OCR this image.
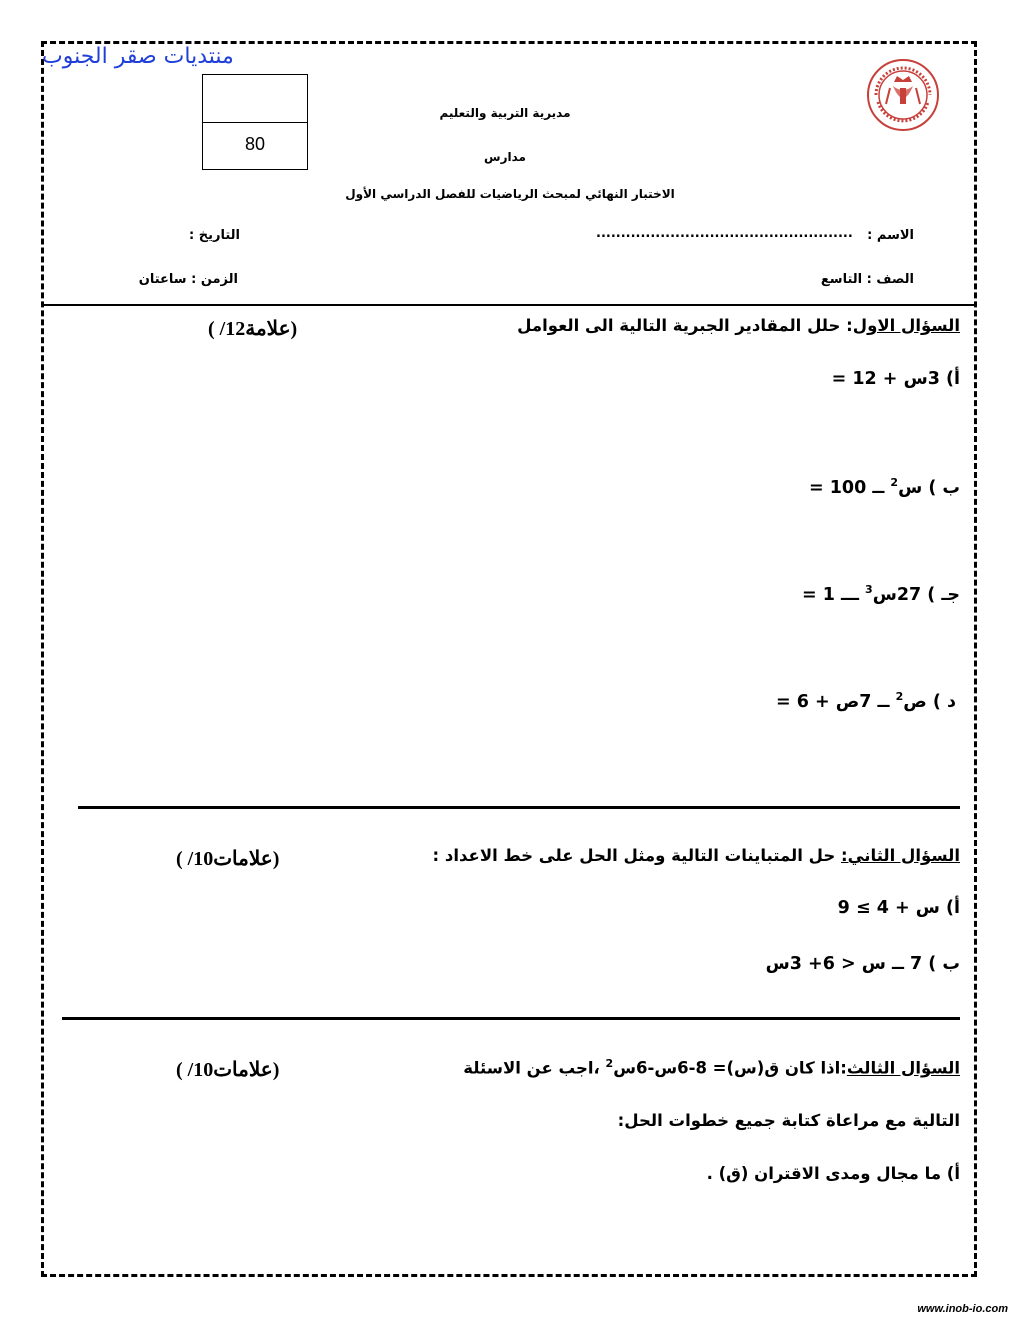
منتديات صقر الجنوب
80
مديرية التربية والتعليم
مدارس
الاختبار النهائي لمبحث الرياضيات للفصل الدراسي الأول
الاسم :
....................................................
التاريخ :
الصف : التاسع
الزمن : ساعتان
السؤال الاول: حلل المقادير الجبرية التالية الى العوامل
( /12علامة)
أ) 3س + 12 =
ب ) س$^2$ ــ 100 =
جـ ) 27س$^3$ ـــ 1 =
د ) ص$^2$ ــ 7ص + 6 =
السؤال الثاني: حل المتباينات التالية ومثل الحل على خط الاعداد :
( /10علامات)
أ) س + 4 ≥ 9
ب ) 7 ــ س < 6+ 3س
السؤال الثالث:اذا كان ق(س)= 8-6س-6س$^2$ ،اجب عن الاسئلة
( /10علامات)
التالية مع مراعاة كتابة جميع خطوات الحل:
أ) ما مجال ومدى الاقتران (ق) .
www.inob-io.com
